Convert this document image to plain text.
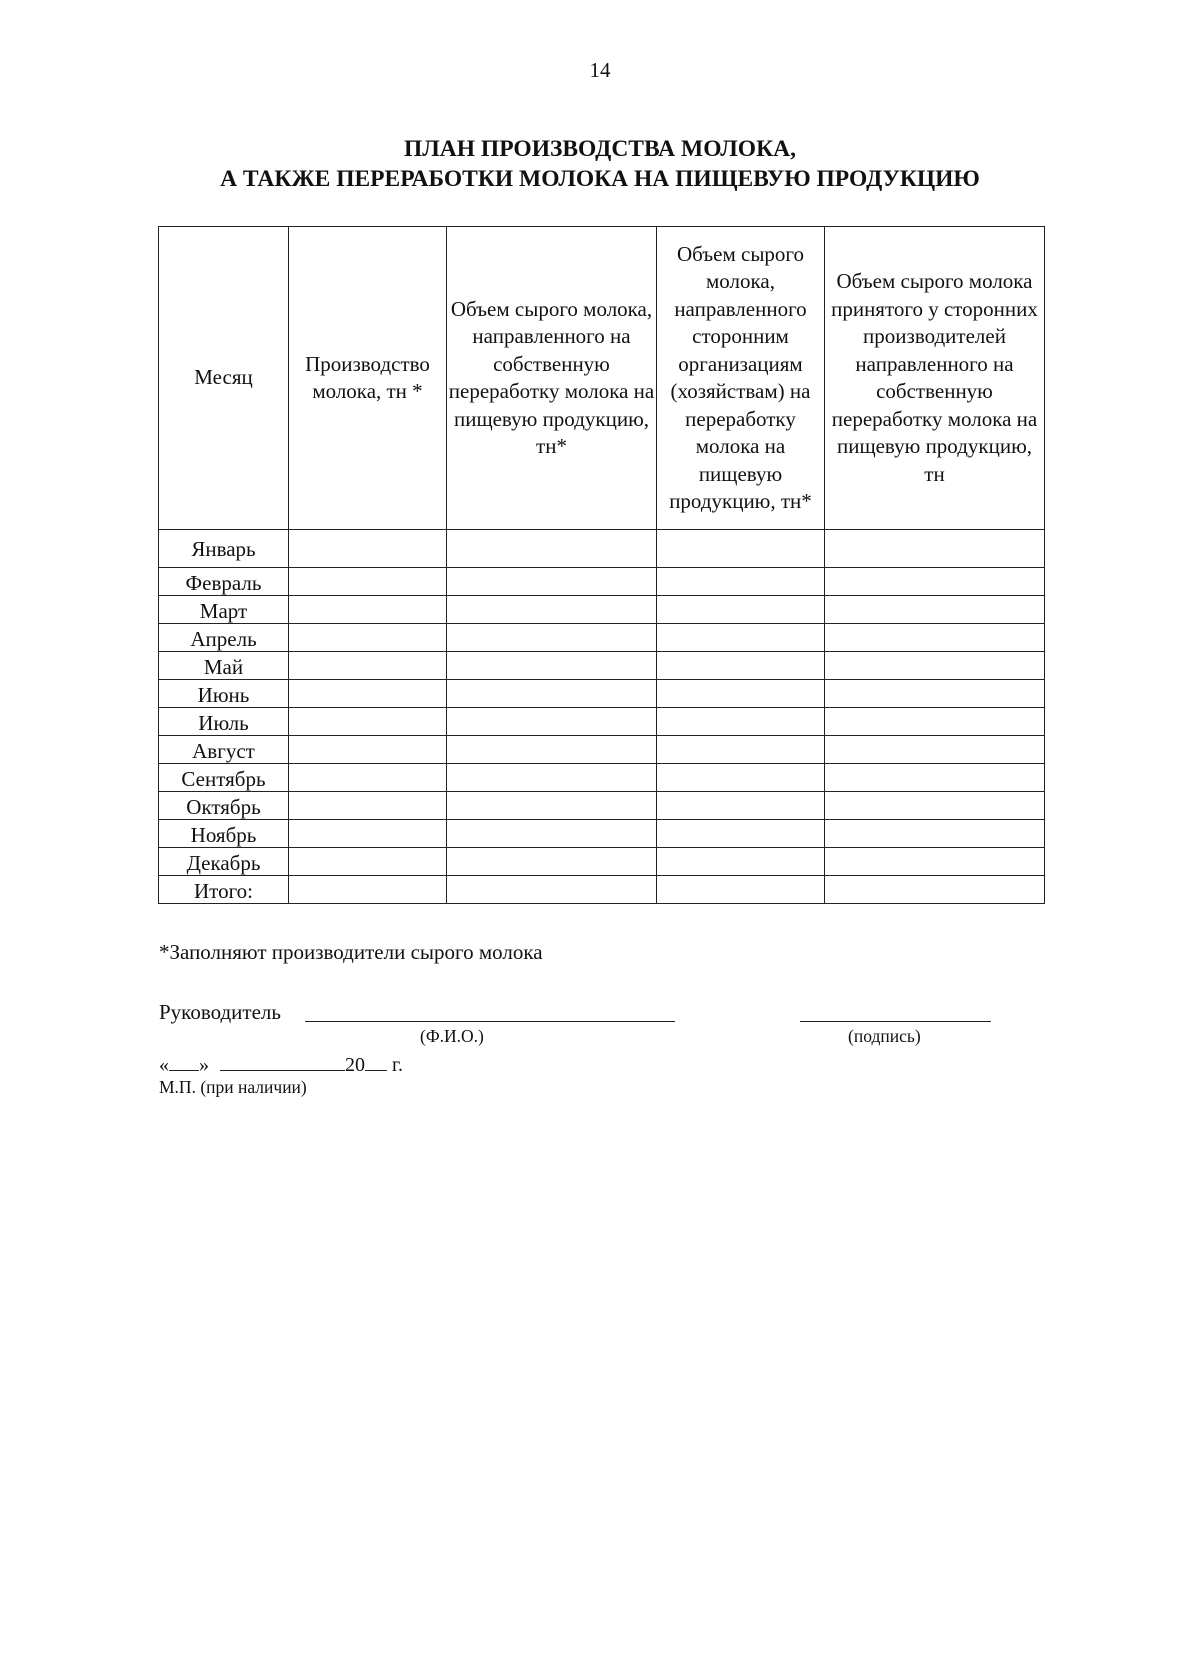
14
ПЛАН ПРОИЗВОДСТВА МОЛОКА,
А ТАКЖЕ ПЕРЕРАБОТКИ МОЛОКА НА ПИЩЕВУЮ ПРОДУКЦИЮ
Месяц	Производство молока, тн *	Объем сырого молока, направленного на собственную переработку молока на пищевую продукцию, тн*	Объем сырого молока, направленного сторонним организациям (хозяйствам) на переработку молока на пищевую продукцию, тн*	Объем сырого молока принятого у сторонних производителей направленного на собственную переработку молока на пищевую продукцию, тн
Январь				
Февраль				
Март				
Апрель				
Май				
Июнь				
Июль				
Август				
Сентябрь				
Октябрь				
Ноябрь				
Декабрь				
Итого:				
*Заполняют производители сырого молока
Руководитель
(Ф.И.О.)	(подпись)
« »	20 г.
М.П. (при наличии)
